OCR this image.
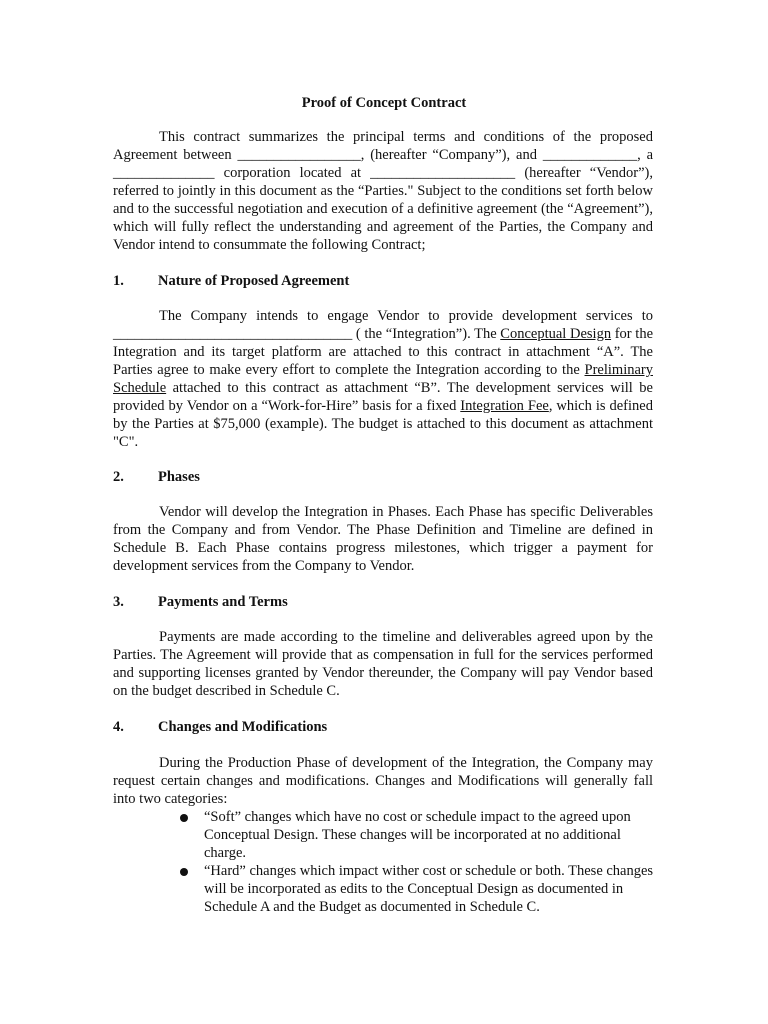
Proof of Concept Contract
This contract summarizes the principal terms and conditions of the proposed Agreement between _________________, (hereafter “Company”), and _____________, a ______________ corporation located at ____________________ (hereafter “Vendor”), referred to jointly in this document as the “Parties." Subject to the conditions set forth below and to the successful negotiation and execution of a definitive agreement (the “Agreement”), which will fully reflect the understanding and agreement of the Parties, the Company and Vendor intend to consummate the following Contract;
1. Nature of Proposed Agreement
The Company intends to engage Vendor to provide development services to _________________________________ ( the “Integration”). The Conceptual Design for the Integration and its target platform are attached to this contract in attachment “A”. The Parties agree to make every effort to complete the Integration according to the Preliminary Schedule attached to this contract as attachment “B”. The development services will be provided by Vendor on a “Work-for-Hire” basis for a fixed Integration Fee, which is defined by the Parties at $75,000 (example). The budget is attached to this document as attachment "C".
2. Phases
Vendor will develop the Integration in Phases. Each Phase has specific Deliverables from the Company and from Vendor. The Phase Definition and Timeline are defined in Schedule B. Each Phase contains progress milestones, which trigger a payment for development services from the Company to Vendor.
3. Payments and Terms
Payments are made according to the timeline and deliverables agreed upon by the Parties. The Agreement will provide that as compensation in full for the services performed and supporting licenses granted by Vendor thereunder, the Company will pay Vendor based on the budget described in Schedule C.
4. Changes and Modifications
During the Production Phase of development of the Integration, the Company may request certain changes and modifications. Changes and Modifications will generally fall into two categories:
“Soft” changes which have no cost or schedule impact to the agreed upon Conceptual Design. These changes will be incorporated at no additional charge.
“Hard” changes which impact wither cost or schedule or both. These changes will be incorporated as edits to the Conceptual Design as documented in Schedule A and the Budget as documented in Schedule C.
